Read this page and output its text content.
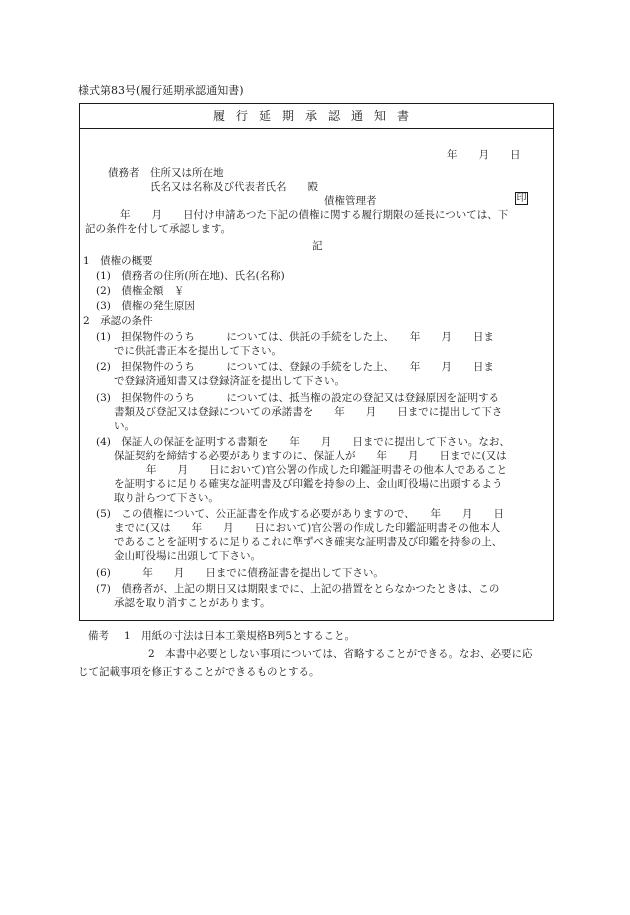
様式第83号(履行延期承認通知書)
履行延期承認通知書
年　　月　　日
債務者 住所又は所在地
氏名又は名称及び代表者氏名　　殿
債権管理者	印
年　　月　　日付け申請あつた下記の債権に関する履行期限の延長については、下
記の条件を付して承認します。
記
1　債権の概要
(1)　債務者の住所(所在地)、氏名(名称)
(2)　債権金額　￥
(3)　債権の発生原因
2　承認の条件
(1)　担保物件のうち　　　については、供託の手続をした上、　　年　　月　　日ま
でに供託書正本を提出して下さい。
(2)　担保物件のうち　　　については、登録の手続をした上、　　年　　月　　日ま
で登録済通知書又は登録済証を提出して下さい。
(3)　担保物件のうち　　　については、抵当権の設定の登記又は登録原因を証明する
書類及び登記又は登録についての承諾書を　　年　　月　　日までに提出して下さ
い。
(4)　保証人の保証を証明する書類を　　年　　月　　日までに提出して下さい。なお、
保証契約を締結する必要がありますのに、保証人が　　年　　月　　日までに(又は
年　　月　　日において)官公署の作成した印鑑証明書その他本人であること
を証明するに足りる確実な証明書及び印鑑を持参の上、金山町役場に出頭するよう
取り計らつて下さい。
(5)　この債権について、公正証書を作成する必要がありますので、　　年　　月　　日
までに(又は　　年　　月　　日において)官公署の作成した印鑑証明書その他本人
であることを証明するに足りるこれに準ずべき確実な証明書及び印鑑を持参の上、
金山町役場に出頭して下さい。
(6)　　　年　　月　　日までに債務証書を提出して下さい。
(7)　債務者が、上記の期日又は期限までに、上記の措置をとらなかつたときは、この
承認を取り消すことがあります。
備考 1　用紙の寸法は日本工業規格B列5とすること。
2　本書中必要としない事項については、省略することができる。なお、必要に応
じて記載事項を修正することができるものとする。
